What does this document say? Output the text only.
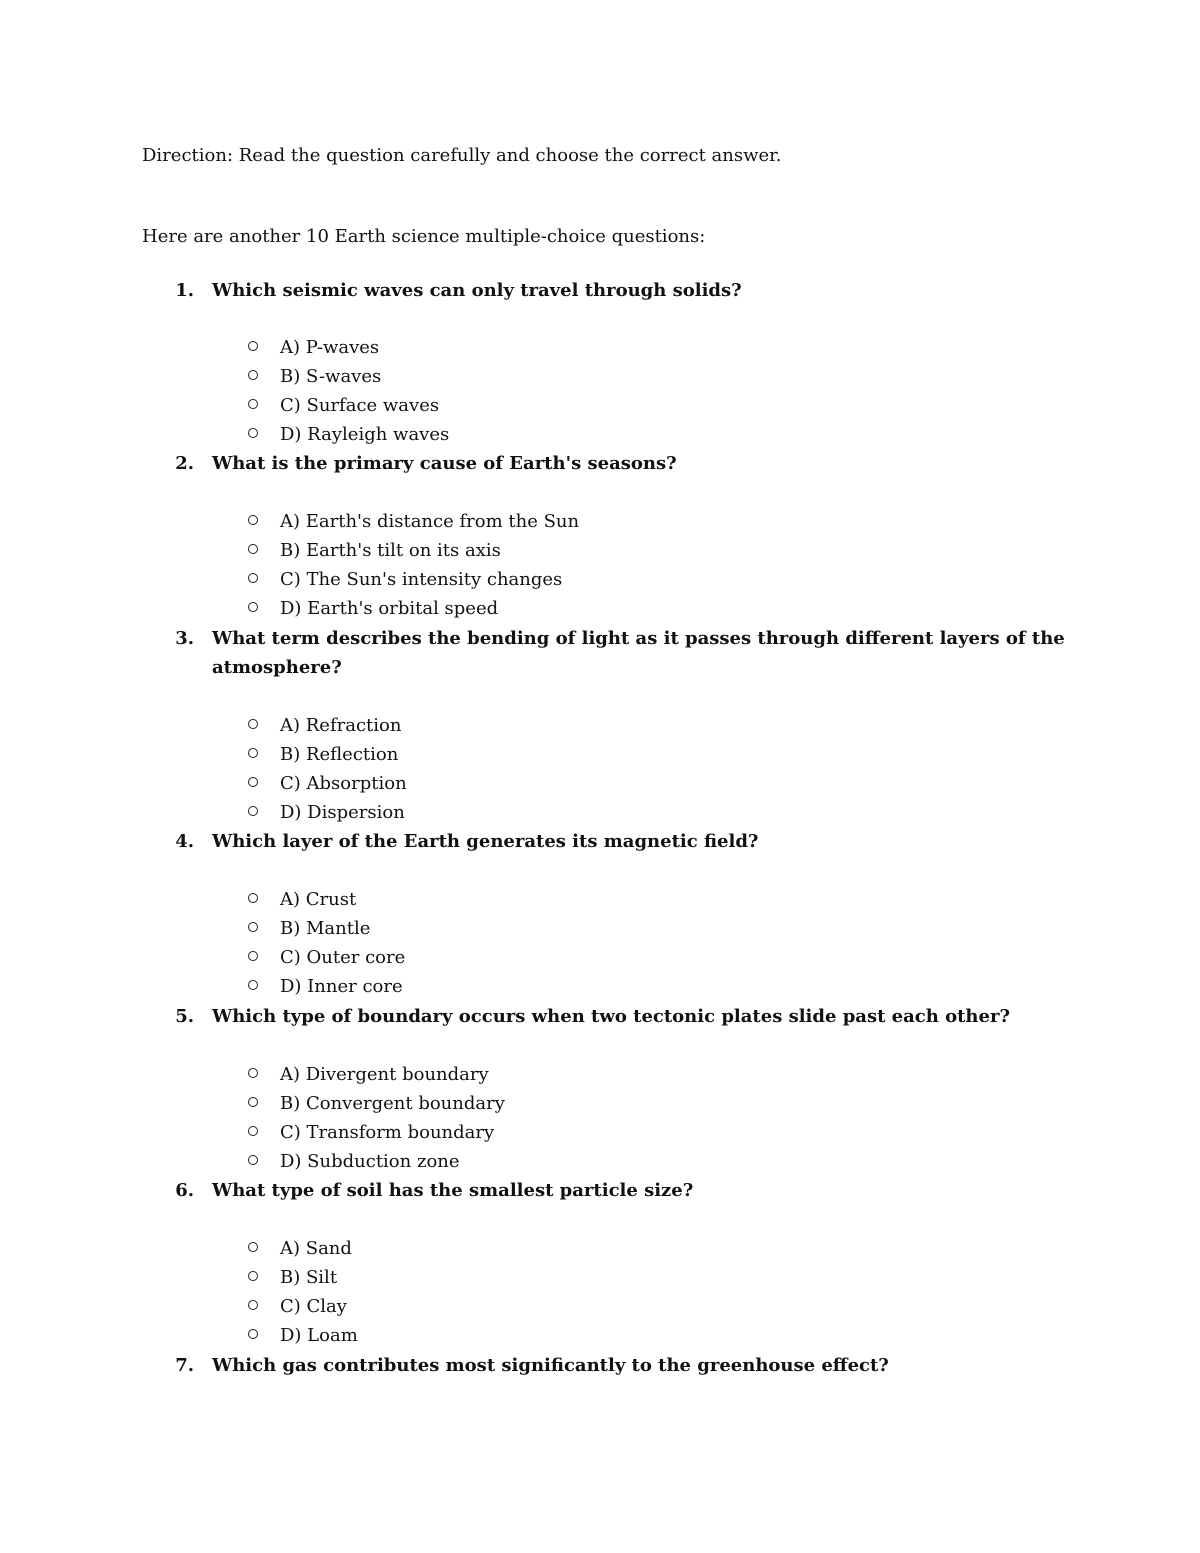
Direction: Read the question carefully and choose the correct answer.
Here are another 10 Earth science multiple-choice questions:
1. Which seismic waves can only travel through solids?
A) P-waves
B) S-waves
C) Surface waves
D) Rayleigh waves
2. What is the primary cause of Earth's seasons?
A) Earth's distance from the Sun
B) Earth's tilt on its axis
C) The Sun's intensity changes
D) Earth's orbital speed
3. What term describes the bending of light as it passes through different layers of the atmosphere?
A) Refraction
B) Reflection
C) Absorption
D) Dispersion
4. Which layer of the Earth generates its magnetic field?
A) Crust
B) Mantle
C) Outer core
D) Inner core
5. Which type of boundary occurs when two tectonic plates slide past each other?
A) Divergent boundary
B) Convergent boundary
C) Transform boundary
D) Subduction zone
6. What type of soil has the smallest particle size?
A) Sand
B) Silt
C) Clay
D) Loam
7. Which gas contributes most significantly to the greenhouse effect?
